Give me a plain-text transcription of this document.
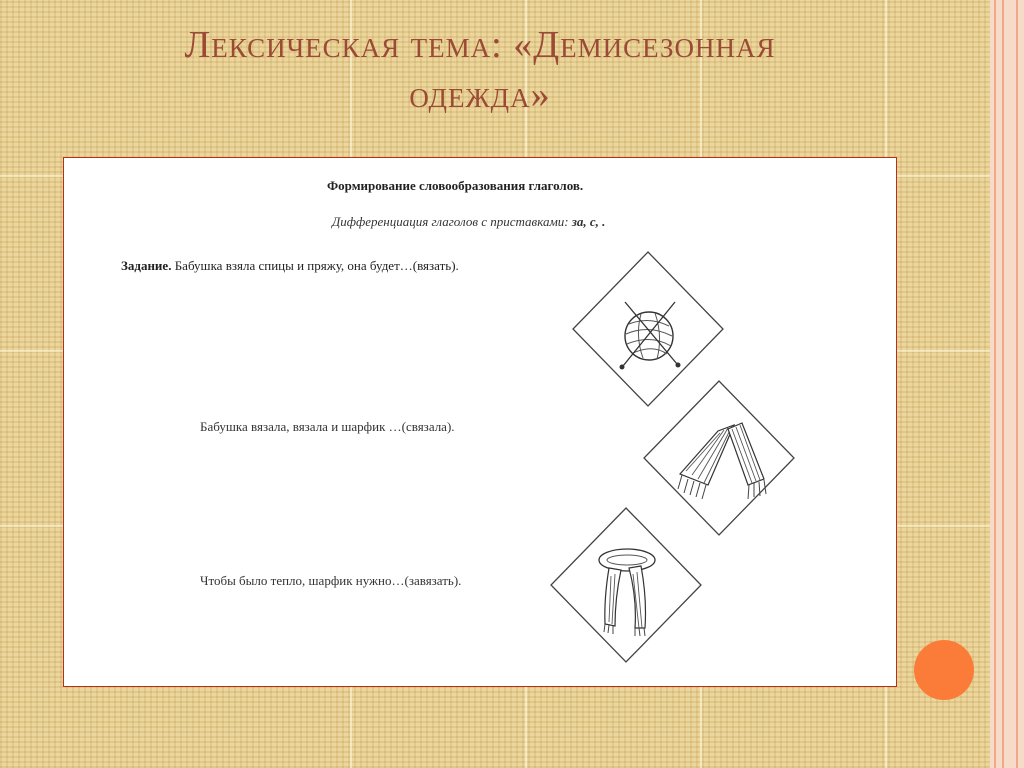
Лексическая тема: «Демисезонная
одежда»
Формирование словообразования глаголов.
Дифференциация глаголов с приставками: за, с, .
Задание. Бабушка взяла спицы и пряжу, она будет…(вязать).
Бабушка вязала, вязала и шарфик …(связала).
Чтобы было тепло, шарфик нужно…(завязать).
